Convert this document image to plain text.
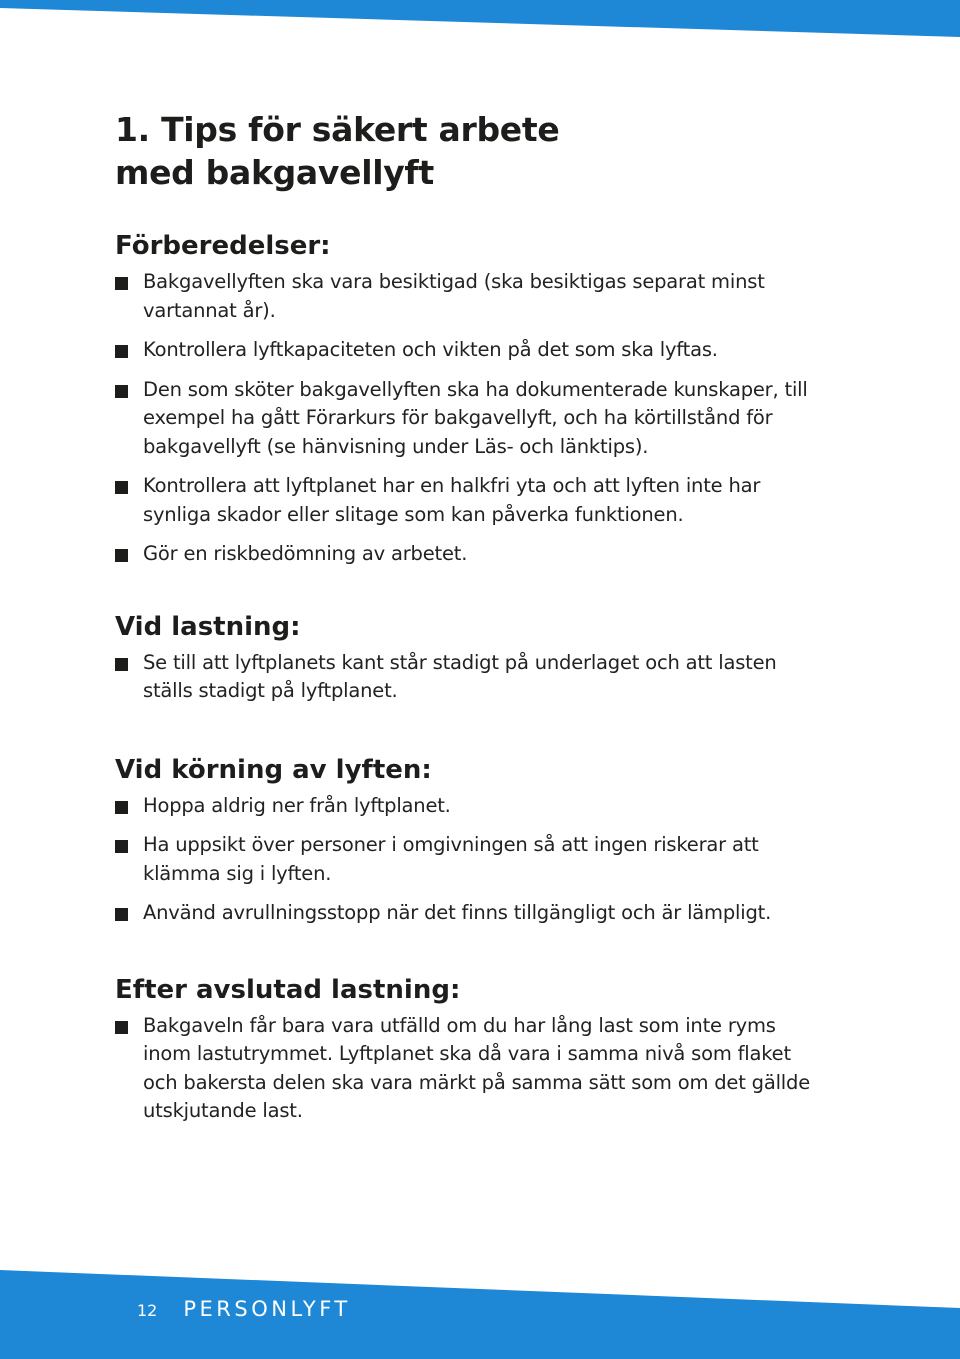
1. Tips för säkert arbete
med bakgavellyft
Förberedelser:
Bakgavellyften ska vara besiktigad (ska besiktigas separat minst vartannat år).
Kontrollera lyftkapaciteten och vikten på det som ska lyftas.
Den som sköter bakgavellyften ska ha dokumenterade kunskaper, till exempel ha gått Förarkurs för bakgavellyft, och ha körtillstånd för bakgavellyft (se hänvisning under Läs- och länktips).
Kontrollera att lyftplanet har en halkfri yta och att lyften inte har synliga skador eller slitage som kan påverka funktionen.
Gör en riskbedömning av arbetet.
Vid lastning:
Se till att lyftplanets kant står stadigt på underlaget och att lasten ställs stadigt på lyftplanet.
Vid körning av lyften:
Hoppa aldrig ner från lyftplanet.
Ha uppsikt över personer i omgivningen så att ingen riskerar att klämma sig i lyften.
Använd avrullningsstopp när det finns tillgängligt och är lämpligt.
Efter avslutad lastning:
Bakgaveln får bara vara utfälld om du har lång last som inte ryms inom lastutrymmet. Lyftplanet ska då vara i samma nivå som flaket och bakersta delen ska vara märkt på samma sätt som om det gällde utskjutande last.
12 PERSONLYFT
